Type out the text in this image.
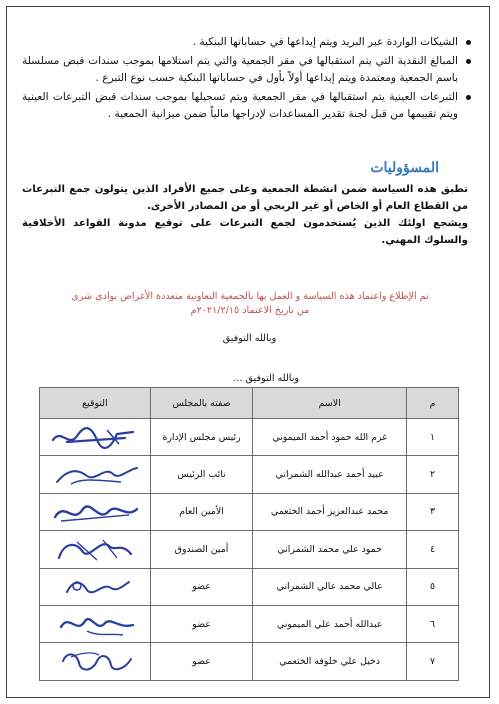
الشيكات الواردة عبر البريد ويتم إيداعها في حساباتها البنكية .
المبالغ النقدية التي يتم استقبالها في مقر الجمعية والتي يتم استلامها بموجب سندات قبض مسلسلة باسم الجمعية ومعتمدة ويتم إيداعها أولاً بأول في حساباتها البنكية حسب نوع التبرع .
التبرعات العينية يتم استقبالها في مقر الجمعية ويتم تسجيلها بموجب سندات قبض التبرعات العينية ويتم تقييمها من قبل لجنة تقدير المساعدات لإدراجها مالياً ضمن ميزانية الجمعية .
المسؤوليات
تطبق هذه السياسة ضمن انشطة الجمعية وعلى جميع الأفراد الذين يتولون جمع التبرعات من القطاع العام أو الخاص أو غير الربحي أو من المصادر الأخرى.
ويشجع اولئك الذين يُستخدمون لجمع التبرعات على توقيع مدونة القواعد الأخلاقية والسلوك المهني.
تم الإطلاع واعتماد هذه السياسة و العمل بها بالجمعية التعاونية متعددة الأغراض بوادي شرى
من تاريخ الاعتماد ٢٠٢١/٢/١٥م
وبالله التوفيق
وبالله التوفيق ...
م	الاسم	صفته بالمجلس	التوقيع
١	غرم الله حمود أحمد الميموني	رئيس مجلس الإدارة	

٢	عبيد أحمد عبدالله الشمراني	نائب الرئيس	

٣	محمد عبدالعزيز أحمد الخثعمي	الأمين العام	

٤	حمود علي محمد الشمراني	أمين الصندوق	

٥	عالي محمد عالي الشمراني	عضو	

٦	عبدالله أحمد علي الميموني	عضو	

٧	دخيل علي خلوفه الخثعمي	عضو	
